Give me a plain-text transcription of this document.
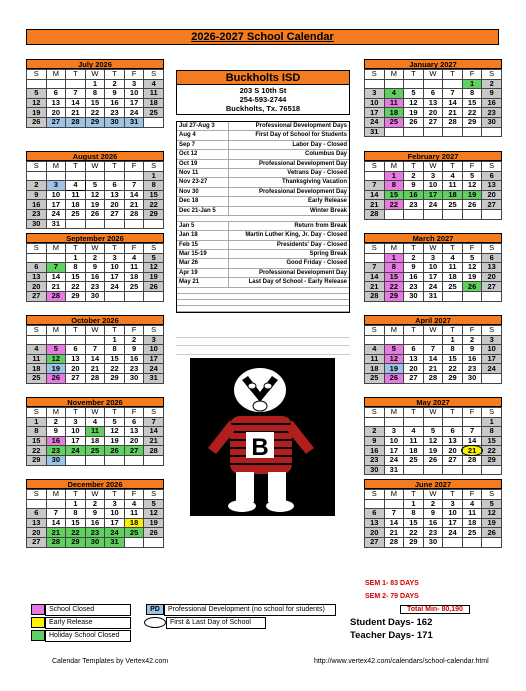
2026-2027 School Calendar
July 2026
S	M	T	W	T	F	S
			1	2	3	4
5	6	7	8	9	10	11
12	13	14	15	16	17	18
19	20	21	22	23	24	25
26	27	28	29	30	31	
August 2026
S	M	T	W	T	F	S
						1
2	3	4	5	6	7	8
9	10	11	12	13	14	15
16	17	18	19	20	21	22
23	24	25	26	27	28	29
30	31					
September 2026
S	M	T	W	T	F	S
		1	2	3	4	5
6	7	8	9	10	11	12
13	14	15	16	17	18	19
20	21	22	23	24	25	26
27	28	29	30			
October 2026
S	M	T	W	T	F	S
				1	2	3
4	5	6	7	8	9	10
11	12	13	14	15	16	17
18	19	20	21	22	23	24
25	26	27	28	29	30	31
November 2026
S	M	T	W	T	F	S
1	2	3	4	5	6	7
8	9	10	11	12	13	14
15	16	17	18	19	20	21
22	23	24	25	26	27	28
29	30					
December 2026
S	M	T	W	T	F	S
		1	2	3	4	5
6	7	8	9	10	11	12
13	14	15	16	17	18	19
20	21	22	23	24	25	26
27	28	29	30	31		
January 2027
S	M	T	W	T	F	S
					1	2
3	4	5	6	7	8	9
10	11	12	13	14	15	16
17	18	19	20	21	22	23
24	25	26	27	28	29	30
31						
February 2027
S	M	T	W	T	F	S
	1	2	3	4	5	6
7	8	9	10	11	12	13
14	15	16	17	18	19	20
21	22	23	24	25	26	27
28						
March 2027
S	M	T	W	T	F	S
	1	2	3	4	5	6
7	8	9	10	11	12	13
14	15	16	17	18	19	20
21	22	23	24	25	26	27
28	29	30	31			
April 2027
S	M	T	W	T	F	S
				1	2	3
4	5	6	7	8	9	10
11	12	13	14	15	16	17
18	19	20	21	22	23	24
25	26	27	28	29	30	
May 2027
S	M	T	W	T	F	S
						1
2	3	4	5	6	7	8
9	10	11	12	13	14	15
16	17	18	19	20	21	22
23	24	25	26	27	28	29
30	31					
June 2027
S	M	T	W	T	F	S
		1	2	3	4	5
6	7	8	9	10	11	12
13	14	15	16	17	18	19
20	21	22	23	24	25	26
27	28	29	30			
Buckholts ISD
203 S 10th St
254-593-2744
Buckholts, Tx. 76518
Jul 27-Aug 3	Professional Development Days
Aug 4	First Day of School for Students
Sep 7	Labor Day - Closed
Oct 12	Columbus Day
Oct 19	Professional Development Day
Nov 11	Vetrans Day - Closed
Nov 23-27	Thanksgiving Vacation
Nov 30	Professional Development Day
Dec 18	Early Release
Dec 21-Jan 5	Winter Break
Jan 5	Return from Break
Jan 18	Martin Luther King, Jr. Day - Closed
Feb 15	Presidents' Day - Closed
Mar 15-19	Spring Break
Mar 26	Good Friday - Closed
Apr 19	Professional Development Day
May 21	Last Day of School - Early Release
B
School Closed
Early Release
Holiday School Closed
PD	Professional Development (no school for students)
First & Last Day of School
SEM 1- 83 DAYS
SEM 2- 79 DAYS
Total Min- 80,190
Student Days- 162
Teacher Days- 171
Calendar Templates by Vertex42.com	http://www.vertex42.com/calendars/school-calendar.html
